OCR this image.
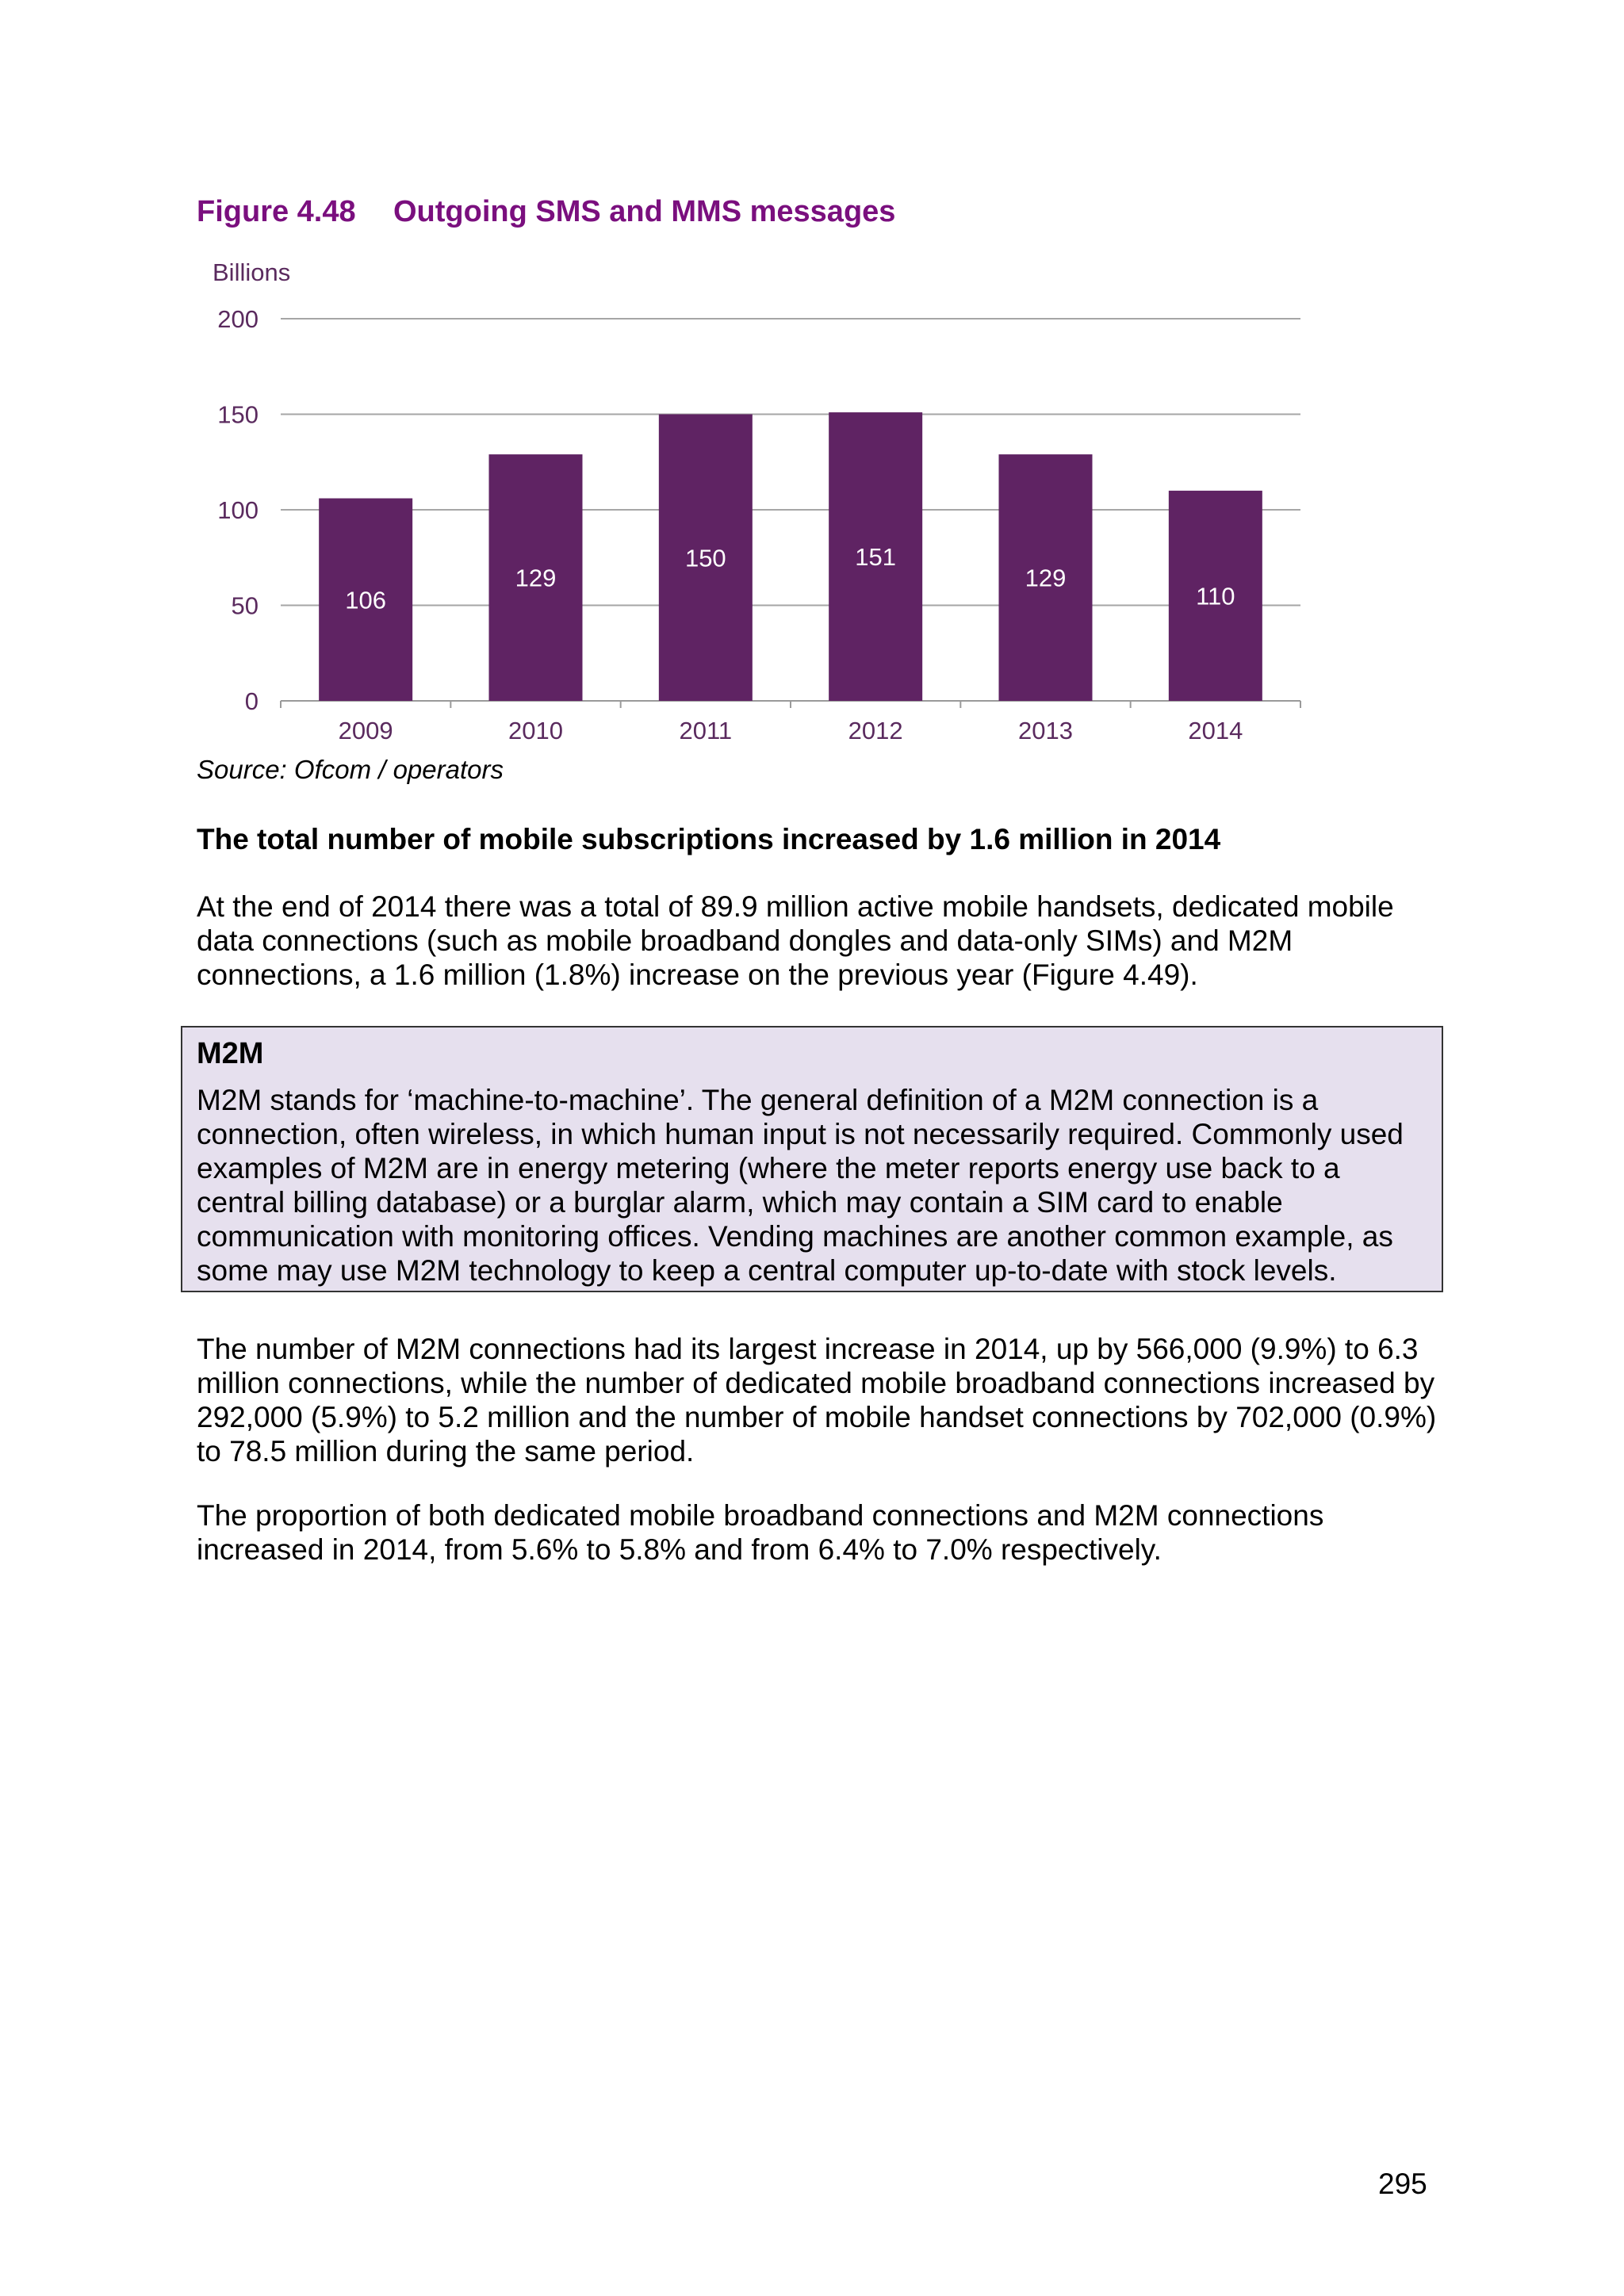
Figure 4.48 Outgoing SMS and MMS messages
Billions
0
50
100
150
200
106
2009
129
2010
150
2011
151
2012
129
2013
110
2014
Source: Ofcom / operators
The total number of mobile subscriptions increased by 1.6 million in 2014

At the end of 2014 there was a total of 89.9 million active mobile handsets, dedicated mobile data connections (such as mobile broadband dongles and data-only SIMs) and M2M connections, a 1.6 million (1.8%) increase on the previous year (Figure 4.49).

M2M

M2M stands for ‘machine-to-machine’. The general definition of a M2M connection is a connection, often wireless, in which human input is not necessarily required. Commonly used examples of M2M are in energy metering (where the meter reports energy use back to a central billing database) or a burglar alarm, which may contain a SIM card to enable communication with monitoring offices. Vending machines are another common example, as some may use M2M technology to keep a central computer up-to-date with stock levels.

The number of M2M connections had its largest increase in 2014, up by 566,000 (9.9%) to 6.3 million connections, while the number of dedicated mobile broadband connections increased by 292,000 (5.9%) to 5.2 million and the number of mobile handset connections by 702,000 (0.9%) to 78.5 million during the same period.

The proportion of both dedicated mobile broadband connections and M2M connections increased in 2014, from 5.6% to 5.8% and from 6.4% to 7.0% respectively.

295
